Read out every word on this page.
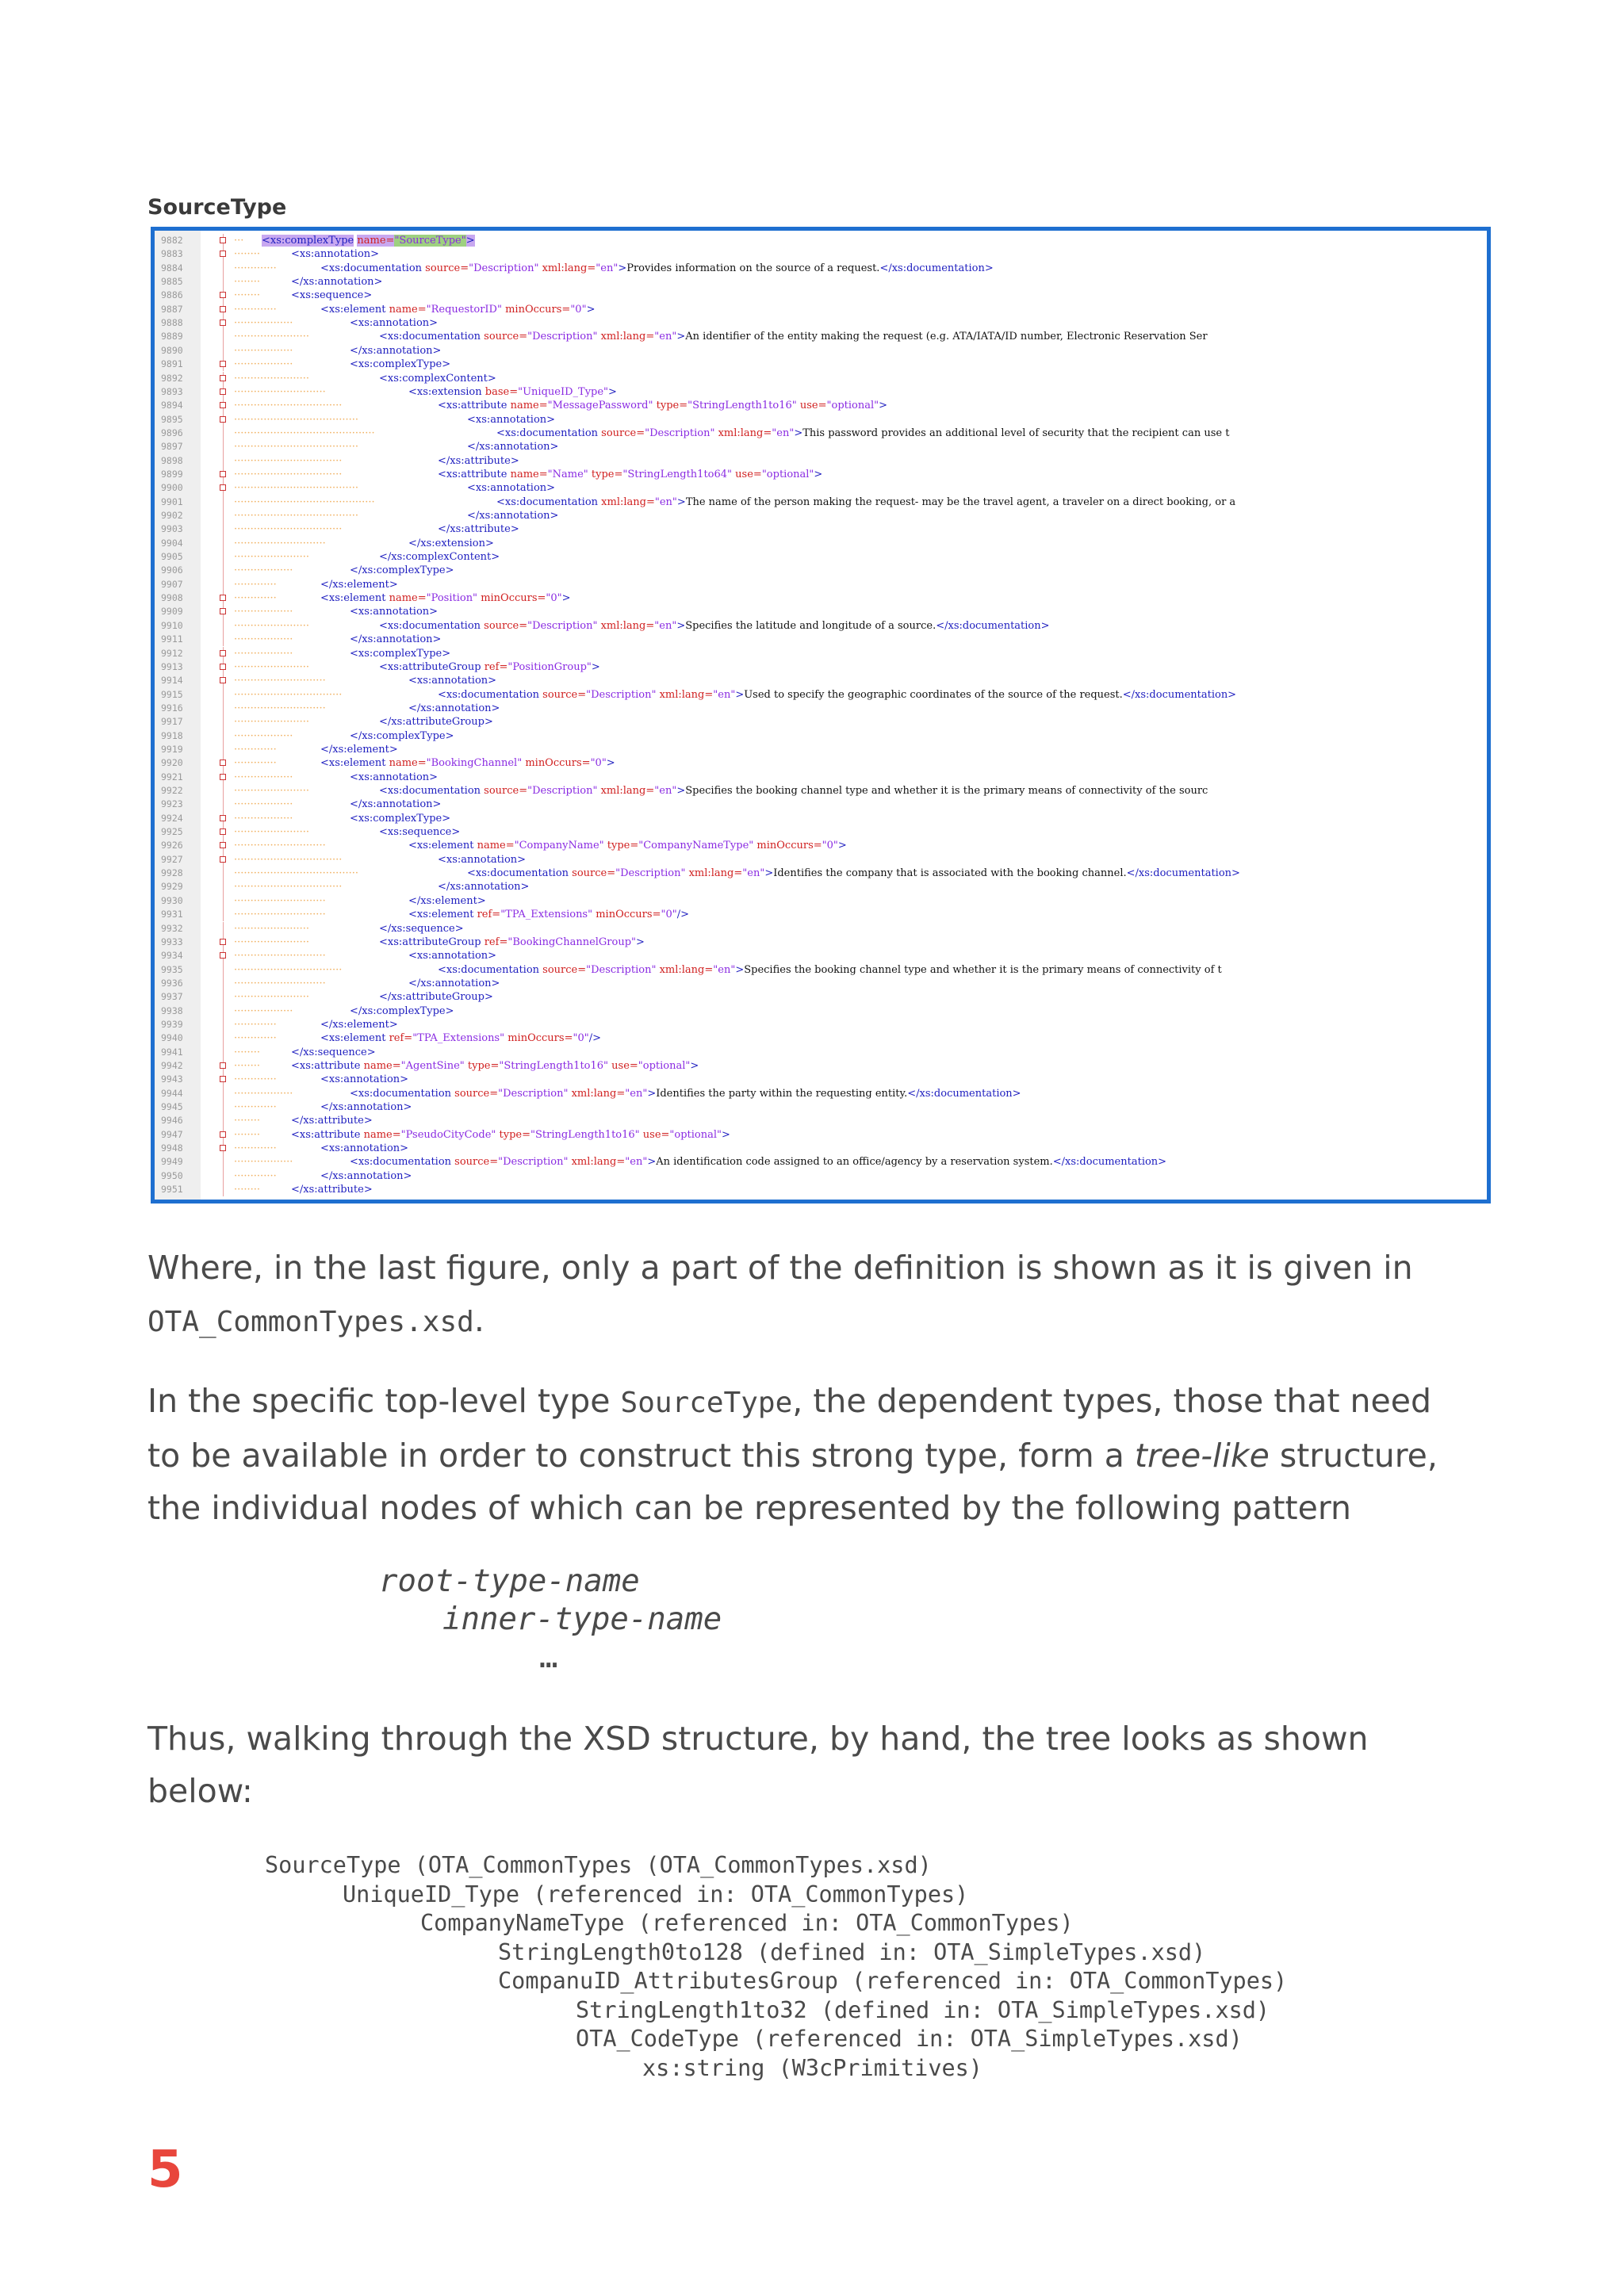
SourceType
9882	··· <xs:complexType name="SourceType">
9883	········	<xs:annotation>
9884	·············	<xs:documentation source="Description" xml:lang="en">Provides information on the source of a request.</xs:documentation>
9885	········	</xs:annotation>
9886	········	<xs:sequence>
9887	·············	<xs:element name="RequestorID" minOccurs="0">
9888	··················	<xs:annotation>
9889	·······················	<xs:documentation source="Description" xml:lang="en">An identifier of the entity making the request (e.g. ATA/IATA/ID number, Electronic Reservation Ser
9890	··················	</xs:annotation>
9891	··················	<xs:complexType>
9892	·······················	<xs:complexContent>
9893	····························	<xs:extension base="UniqueID_Type">
9894	·································	<xs:attribute name="MessagePassword" type="StringLength1to16" use="optional">
9895	······································	<xs:annotation>
9896	···········································	<xs:documentation source="Description" xml:lang="en">This password provides an additional level of security that the recipient can use t
9897	······································	</xs:annotation>
9898	·································	</xs:attribute>
9899	·································	<xs:attribute name="Name" type="StringLength1to64" use="optional">
9900	······································	<xs:annotation>
9901	···········································	<xs:documentation xml:lang="en">The name of the person making the request- may be the travel agent, a traveler on a direct booking, or a
9902	······································	</xs:annotation>
9903	·································	</xs:attribute>
9904	····························	</xs:extension>
9905	·······················	</xs:complexContent>
9906	··················	</xs:complexType>
9907	·············	</xs:element>
9908	·············	<xs:element name="Position" minOccurs="0">
9909	··················	<xs:annotation>
9910	·······················	<xs:documentation source="Description" xml:lang="en">Specifies the latitude and longitude of a source.</xs:documentation>
9911	··················	</xs:annotation>
9912	··················	<xs:complexType>
9913	·······················	<xs:attributeGroup ref="PositionGroup">
9914	····························	<xs:annotation>
9915	·································	<xs:documentation source="Description" xml:lang="en">Used to specify the geographic coordinates of the source of the request.</xs:documentation>
9916	····························	</xs:annotation>
9917	·······················	</xs:attributeGroup>
9918	··················	</xs:complexType>
9919	·············	</xs:element>
9920	·············	<xs:element name="BookingChannel" minOccurs="0">
9921	··················	<xs:annotation>
9922	·······················	<xs:documentation source="Description" xml:lang="en">Specifies the booking channel type and whether it is the primary means of connectivity of the sourc
9923	··················	</xs:annotation>
9924	··················	<xs:complexType>
9925	·······················	<xs:sequence>
9926	····························	<xs:element name="CompanyName" type="CompanyNameType" minOccurs="0">
9927	·································	<xs:annotation>
9928	······································	<xs:documentation source="Description" xml:lang="en">Identifies the company that is associated with the booking channel.</xs:documentation>
9929	·································	</xs:annotation>
9930	····························	</xs:element>
9931	····························	<xs:element ref="TPA_Extensions" minOccurs="0"/>
9932	·······················	</xs:sequence>
9933	·······················	<xs:attributeGroup ref="BookingChannelGroup">
9934	····························	<xs:annotation>
9935	·································	<xs:documentation source="Description" xml:lang="en">Specifies the booking channel type and whether it is the primary means of connectivity of t
9936	····························	</xs:annotation>
9937	·······················	</xs:attributeGroup>
9938	··················	</xs:complexType>
9939	·············	</xs:element>
9940	·············	<xs:element ref="TPA_Extensions" minOccurs="0"/>
9941	········	</xs:sequence>
9942	········	<xs:attribute name="AgentSine" type="StringLength1to16" use="optional">
9943	·············	<xs:annotation>
9944	··················	<xs:documentation source="Description" xml:lang="en">Identifies the party within the requesting entity.</xs:documentation>
9945	·············	</xs:annotation>
9946	········	</xs:attribute>
9947	········	<xs:attribute name="PseudoCityCode" type="StringLength1to16" use="optional">
9948	·············	<xs:annotation>
9949	··················	<xs:documentation source="Description" xml:lang="en">An identification code assigned to an office/agency by a reservation system.</xs:documentation>
9950	·············	</xs:annotation>
9951	········	</xs:attribute>
Where, in the last figure, only a part of the definition is shown as it is given in
OTA_CommonTypes.xsd.
In the specific top-level type SourceType, the dependent types, those that need
to be available in order to construct this strong type, form a tree-like structure,
the individual nodes of which can be represented by the following pattern
root-type-name
inner-type-name
…
Thus, walking through the XSD structure, by hand, the tree looks as shown
below:
SourceType (OTA_CommonTypes (OTA_CommonTypes.xsd)
UniqueID_Type (referenced in: OTA_CommonTypes)
CompanyNameType (referenced in: OTA_CommonTypes)
StringLength0to128 (defined in: OTA_SimpleTypes.xsd)
CompanuID_AttributesGroup (referenced in: OTA_CommonTypes)
StringLength1to32 (defined in: OTA_SimpleTypes.xsd)
OTA_CodeType (referenced in: OTA_SimpleTypes.xsd)
xs:string (W3cPrimitives)
5
